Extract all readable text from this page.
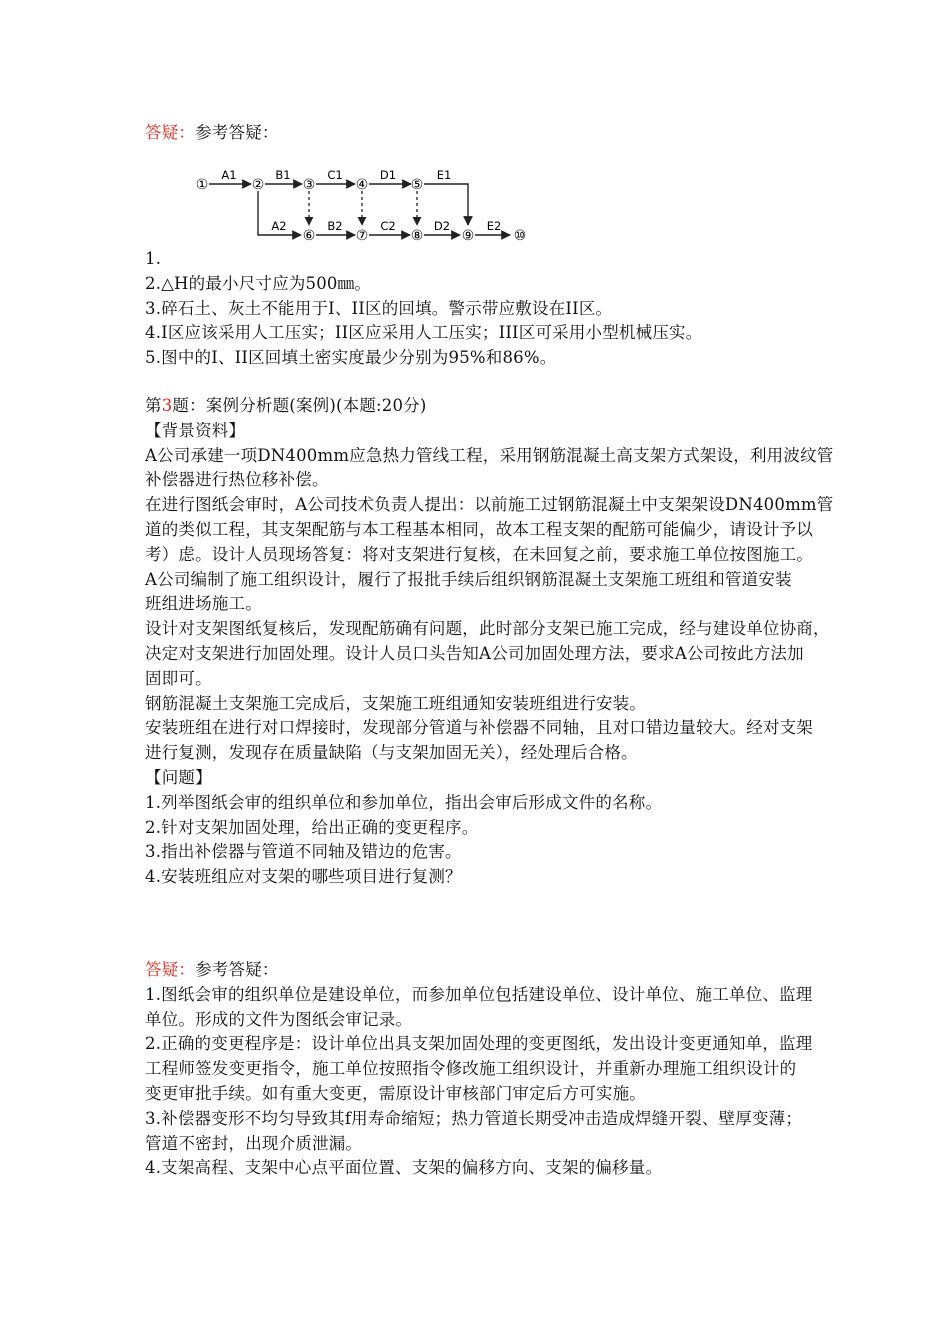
答疑：参考答疑：
①	②	③	④	⑤
⑥	⑦	⑧	⑨	⑩
A1	B1	C1	D1	E1
A2	B2	C2	D2	E2
1.
2.△H的最小尺寸应为500㎜。
3.碎石土、灰土不能用于I、II区的回填。警示带应敷设在II区。
4.I区应该采用人工压实；II区应采用人工压实；III区可采用小型机械压实。
5.图中的I、II区回填土密实度最少分别为95%和86%。
第3题：案例分析题(案例)(本题:20分)
【背景资料】
A公司承建一项DN400mm应急热力管线工程，采用钢筋混凝土高支架方式架设，利用波纹管
补偿器进行热位移补偿。
在进行图纸会审时，A公司技术负责人提出：以前施工过钢筋混凝土中支架架设DN400mm管
道的类似工程，其支架配筋与本工程基本相同，故本工程支架的配筋可能偏少，请设计予以
考）虑。设计人员现场答复：将对支架进行复核，在未回复之前，要求施工单位按图施工。
A公司编制了施工组织设计，履行了报批手续后组织钢筋混凝土支架施工班组和管道安装
班组进场施工。
设计对支架图纸复核后，发现配筋确有问题，此时部分支架已施工完成，经与建设单位协商，
决定对支架进行加固处理。设计人员口头告知A公司加固处理方法，要求A公司按此方法加
固即可。
钢筋混凝土支架施工完成后，支架施工班组通知安装班组进行安装。
安装班组在进行对口焊接时，发现部分管道与补偿器不同轴，且对口错边量较大。经对支架
进行复测，发现存在质量缺陷（与支架加固无关），经处理后合格。
【问题】
1.列举图纸会审的组织单位和参加单位，指出会审后形成文件的名称。
2.针对支架加固处理，给出正确的变更程序。
3.指出补偿器与管道不同轴及错边的危害。
4.安装班组应对支架的哪些项目进行复测？
答疑：参考答疑：
1.图纸会审的组织单位是建设单位，而参加单位包括建设单位、设计单位、施工单位、监理
单位。形成的文件为图纸会审记录。
2.正确的变更程序是：设计单位出具支架加固处理的变更图纸，发出设计变更通知单，监理
工程师签发变更指令，施工单位按照指令修改施工组织设计，并重新办理施工组织设计的
变更审批手续。如有重大变更，需原设计审核部门审定后方可实施。
3.补偿器变形不均匀导致其f用寿命缩短；热力管道长期受冲击造成焊缝开裂、壁厚变薄；
管道不密封，出现介质泄漏。
4.支架高程、支架中心点平面位置、支架的偏移方向、支架的偏移量。
